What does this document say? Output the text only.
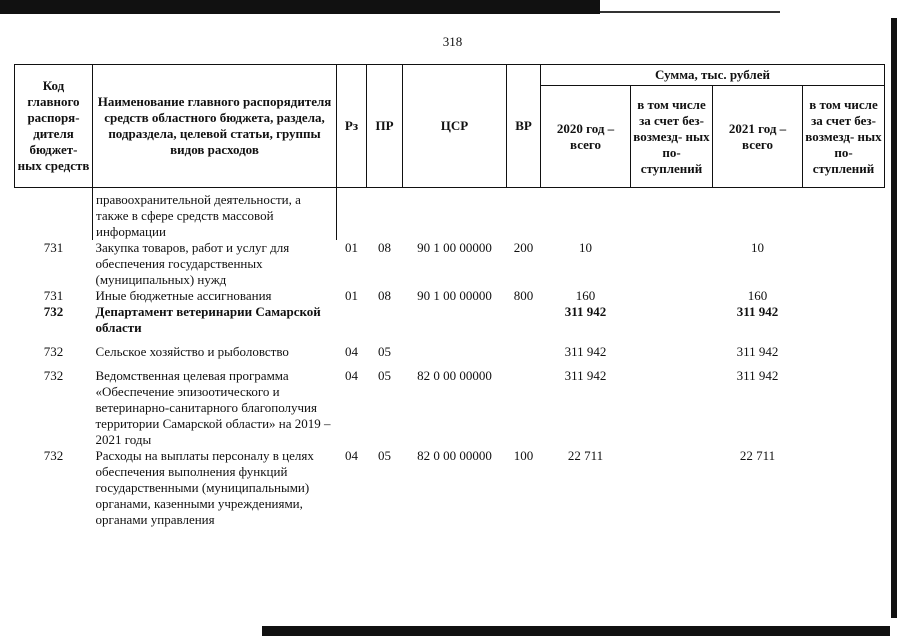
318
Код главного распоря- дителя бюджет- ных средств	Наименование главного распорядителя средств областного бюджета, раздела, подраздела, целевой статьи, группы видов расходов	Рз	ПР	ЦСР	ВР	Сумма, тыс. рублей			
						2020 год – всего	в том числе за счет без- возмезд- ных по- ступлений	2021 год – всего	в том числе за счет без- возмезд- ных по- ступлений
	правоохранительной деятельности, а также в сфере средств массовой информации								
731	Закупка товаров, работ и услуг для обеспечения государственных (муниципальных) нужд	01	08	90 1 00 00000	200	10		10	
731	Иные бюджетные ассигнования	01	08	90 1 00 00000	800	160		160	
732	Департамент ветеринарии Самарской области					311 942		311 942	

732	Сельское хозяйство и рыболовство	04	05			311 942		311 942	

732	Ведомственная целевая программа «Обеспечение эпизоотического и ветеринарно-санитарного благополучия территории Самарской области» на 2019 – 2021 годы	04	05	82 0 00 00000		311 942		311 942	
732	Расходы на выплаты персоналу в целях обеспечения выполнения функций государственными (муниципальными) органами, казенными учреждениями, органами управления	04	05	82 0 00 00000	100	22 711		22 711	
